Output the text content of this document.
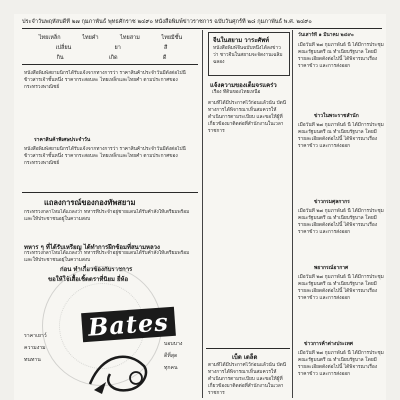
ประจำวันพฤหัสบดีที่ ๒๗ กุมภาพันธ์ พุทธศักราช ๒๔๙๐ หนังสือพิมพ์ข่าวราชการ ฉบับวันศุกร์ที่ ๒๘ กุมภาพันธ์ พ.ศ. ๒๔๙๐
ไทยเหล็ก	ไทยคำ	ไทยสาม	ไทยมีชั้น
เปลี่ยน	ยา	สี
กิน	เกิด	ดี
หนังสือพิมพ์สยามนิกรได้รับแจ้งจากทางการว่า ราคาสินค้าประจำวันมีดังต่อไปนี้ ข้าวสารเจ้าชั้นหนึ่ง ราคากระสอบละ ไทยเหล็กและไทยคำ ตามประกาศของกระทรวงพาณิชย์
ราคาสินค้าพิเศษประจำวัน
หนังสือพิมพ์สยามนิกรได้รับแจ้งจากทางการว่า ราคาสินค้าประจำวันมีดังต่อไปนี้ ข้าวสารเจ้าชั้นหนึ่ง ราคากระสอบละ ไทยเหล็กและไทยคำ ตามประกาศของกระทรวงพาณิชย์
แถลงการณ์ของกองทัพสยาม
กระทรวงกลาโหมได้แถลงว่า ทหารที่ประจำอยู่ชายแดนได้รับคำสั่งให้เตรียมพร้อม และให้ประชาชนอยู่ในความสงบ
ทหาร ๆ ที่ได้รับเหรียญ ได้ทำการฝึกซ้อมที่สนามหลวง
กระทรวงกลาโหมได้แถลงว่า ทหารที่ประจำอยู่ชายแดนได้รับคำสั่งให้เตรียมพร้อม และให้ประชาชนอยู่ในความสงบ
ก่อน ทำเกี่ยวข้องกับราชการ
ขอให้ใช้เสื้อเชิ้ตตราที่นิยม ยี่ห้อ
Bates
ราคาเยาว์
ความงาม
ทนทาน
บอบบาง
ดีที่สุด
ทุกคน
จีนในสยาม วาระศัพท์
หนังสือพิมพ์จีนฉบับหนึ่งได้ลงข่าวว่า ชาวจีนในสยามจะจัดงานเฉลิมฉลอง
แจ้งความของเต็มจรแคร่ว
เรื่อง ที่ดินของไทยเหนือ
ตามที่ได้มีประกาศไว้ก่อนแล้วนั้น บัดนี้ทางการได้พิจารณาเห็นสมควรให้ดำเนินการตามระเบียบ และขอให้ผู้ที่เกี่ยวข้องมาติดต่อที่สำนักงานในเวลาราชการ
เบ็ด เตล็ด
ตามที่ได้มีประกาศไว้ก่อนแล้วนั้น บัดนี้ทางการได้พิจารณาเห็นสมควรให้ดำเนินการตามระเบียบ และขอให้ผู้ที่เกี่ยวข้องมาติดต่อที่สำนักงานในเวลาราชการ
วันเสาร์ที่ ๑ มีนาคม ๒๔๙๐
เมื่อวันที่ ๒๗ กุมภาพันธ์ นี้ ได้มีการประชุมคณะรัฐมนตรี ณ ทำเนียบรัฐบาล โดยมีรายละเอียดดังต่อไปนี้ ได้พิจารณาเรื่องราคาข้าว และการส่งออก
ข่าวในพระราชสำนัก
เมื่อวันที่ ๒๗ กุมภาพันธ์ นี้ ได้มีการประชุมคณะรัฐมนตรี ณ ทำเนียบรัฐบาล โดยมีรายละเอียดดังต่อไปนี้ ได้พิจารณาเรื่องราคาข้าว และการส่งออก
ข่าวกรมศุลกากร
เมื่อวันที่ ๒๗ กุมภาพันธ์ นี้ ได้มีการประชุมคณะรัฐมนตรี ณ ทำเนียบรัฐบาล โดยมีรายละเอียดดังต่อไปนี้ ได้พิจารณาเรื่องราคาข้าว และการส่งออก
พยากรณ์อากาศ
เมื่อวันที่ ๒๗ กุมภาพันธ์ นี้ ได้มีการประชุมคณะรัฐมนตรี ณ ทำเนียบรัฐบาล โดยมีรายละเอียดดังต่อไปนี้ ได้พิจารณาเรื่องราคาข้าว และการส่งออก
ข่าวการค้าต่างประเทศ
เมื่อวันที่ ๒๗ กุมภาพันธ์ นี้ ได้มีการประชุมคณะรัฐมนตรี ณ ทำเนียบรัฐบาล โดยมีรายละเอียดดังต่อไปนี้ ได้พิจารณาเรื่องราคาข้าว และการส่งออก
